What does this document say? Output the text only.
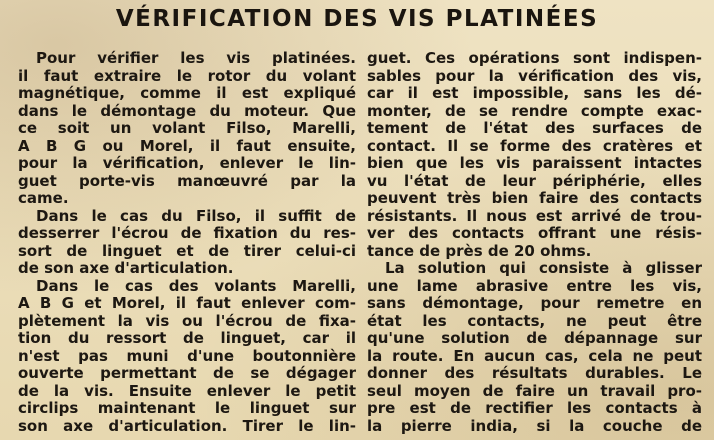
VÉRIFICATION DES VIS PLATINÉES
Pour vérifier les vis platinées.
il faut extraire le rotor du volant
magnétique, comme il est expliqué
dans le démontage du moteur. Que
ce soit un volant Filso, Marelli,
A B G ou Morel, il faut ensuite,
pour la vérification, enlever le lin-
guet porte-vis manœuvré par la
came.
Dans le cas du Filso, il suffit de
desserrer l'écrou de fixation du res-
sort de linguet et de tirer celui-ci
de son axe d'articulation.
Dans le cas des volants Marelli,
A B G et Morel, il faut enlever com-
plètement la vis ou l'écrou de fixa-
tion du ressort de linguet, car il
n'est pas muni d'une boutonnière
ouverte permettant de se dégager
de la vis. Ensuite enlever le petit
circlips maintenant le linguet sur
son axe d'articulation. Tirer le lin-
guet. Ces opérations sont indispen-
sables pour la vérification des vis,
car il est impossible, sans les dé-
monter, de se rendre compte exac-
tement de l'état des surfaces de
contact. Il se forme des cratères et
bien que les vis paraissent intactes
vu l'état de leur périphérie, elles
peuvent très bien faire des contacts
résistants. Il nous est arrivé de trou-
ver des contacts offrant une résis-
tance de près de 20 ohms.
La solution qui consiste à glisser
une lame abrasive entre les vis,
sans démontage, pour remetre en
état les contacts, ne peut être
qu'une solution de dépannage sur
la route. En aucun cas, cela ne peut
donner des résultats durables. Le
seul moyen de faire un travail pro-
pre est de rectifier les contacts à
la pierre india, si la couche de
